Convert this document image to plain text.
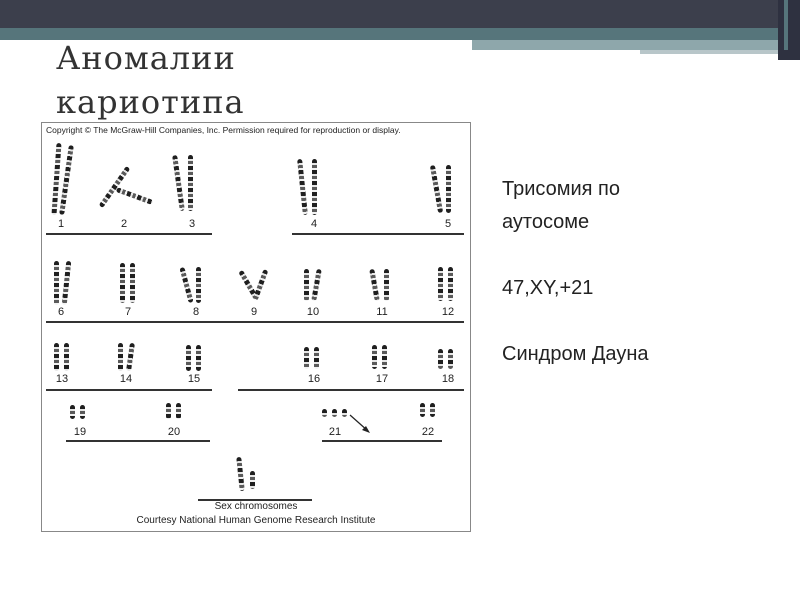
Аномалии
кариотипа
Copyright © The McGraw-Hill Companies, Inc. Permission required for reproduction or display.
1	2	3	4	5
6	7	8	9	10	11	12
13	14	15	16	17	18
19	20	21	22
Sex chromosomes
Courtesy National Human Genome Research Institute

Трисомия по

аутосоме

47,XY,+21

Синдром Дауна
